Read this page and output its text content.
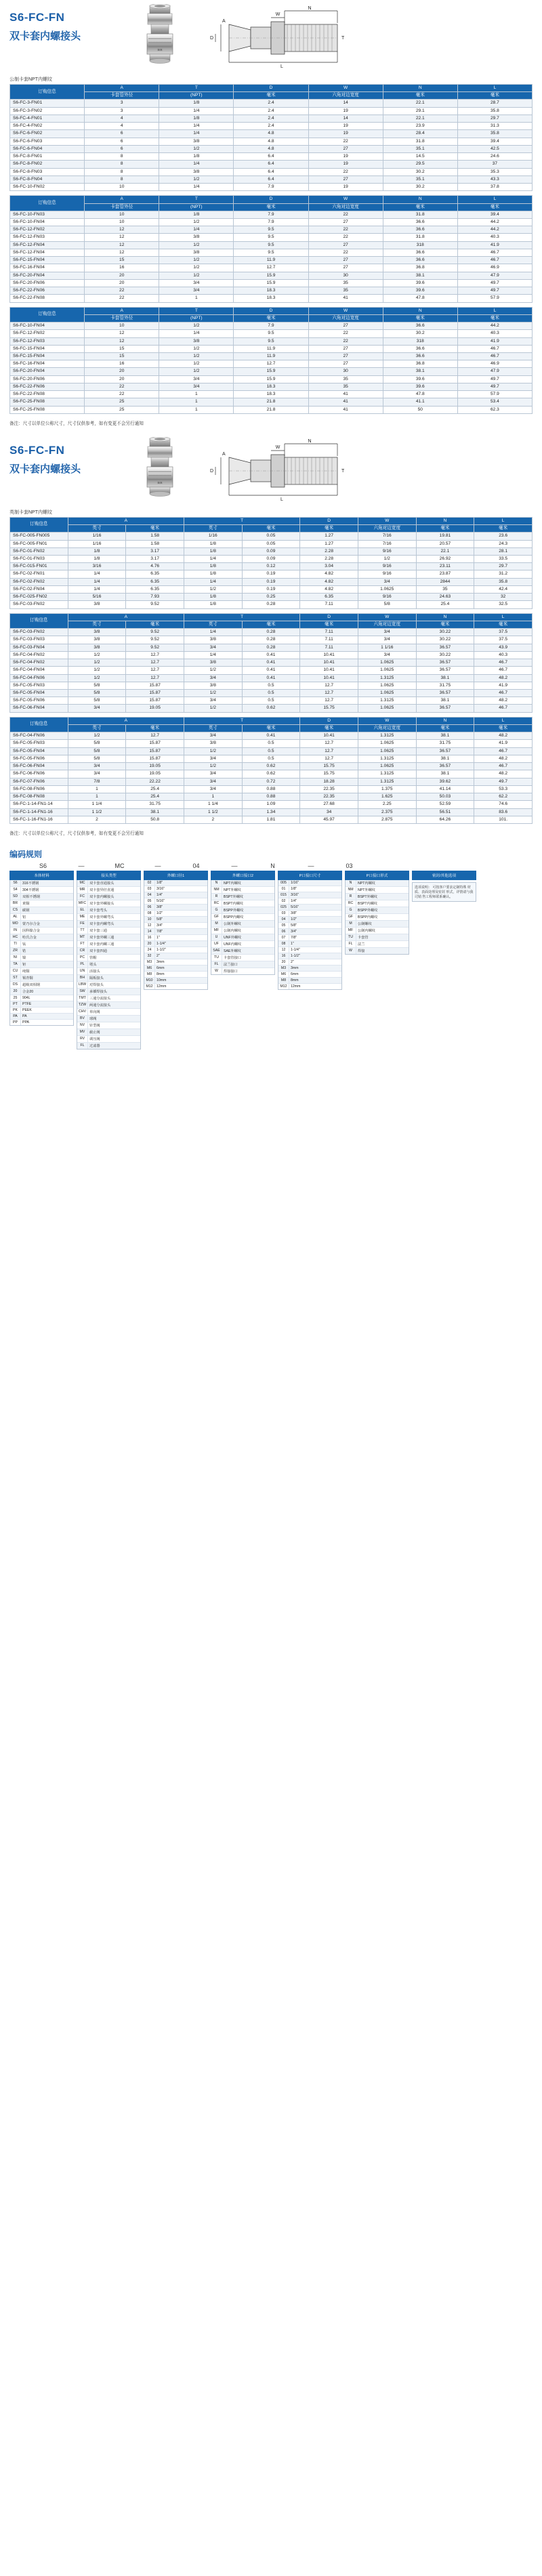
S6-FC-FN
双卡套内螺接头
SIX
N
W
T
A
D
L
公制卡套NPT内螺纹
订购信息	A	T	D	W	N	L
	卡套管外径	(NPT)	毫米	六角对边宽度	毫米	毫米
S6-FC-3-FN01	3	1/8	2.4	14	22.1	28.7
S6-FC-3-FN02	3	1/4	2.4	19	29.1	35.8
S6-FC-4-FN01	4	1/8	2.4	14	22.1	29.7
S6-FC-4-FN02	4	1/4	2.4	19	23.9	31.3
S6-FC-6-FN02	6	1/4	4.8	19	28.4	35.8
S6-FC-6-FN03	6	3/8	4.8	22	31.8	39.4
S6-FC-6-FN04	6	1/2	4.8	27	35.1	42.5
S6-FC-8-FN01	8	1/8	6.4	19	14.5	24.6
S6-FC-8-FN02	8	1/4	6.4	19	29.5	37
S6-FC-8-FN03	8	3/8	6.4	22	30.2	35.3
S6-FC-8-FN04	8	1/2	6.4	27	35.1	43.3
S6-FC-10-FN02	10	1/4	7.9	19	30.2	37.8
订购信息	A	T	D	W	N	L
	卡套管外径	(NPT)	毫米	六角对边宽度	毫米	毫米
S6-FC-10-FN03	10	1/8	7.9	22	31.8	39.4
S6-FC-10-FN04	10	1/2	7.9	27	36.6	44.2
S6-FC-12-FN02	12	1/4	9.5	22	36.6	44.2
S6-FC-12-FN03	12	3/8	9.5	22	31.8	40.3
S6-FC-12-FN04	12	1/2	9.5	27	318	41.9
S6-FC-12-FN04	12	3/8	9.5	22	36.6	46.7
S6-FC-15-FN04	15	1/2	11.9	27	36.6	46.7
S6-FC-16-FN04	16	1/2	12.7	27	36.8	46.9
S6-FC-20-FN04	20	1/2	15.9	30	38.1	47.9
S6-FC-20-FN06	20	3/4	15.9	35	39.6	49.7
S6-FC-22-FN06	22	3/4	18.3	35	39.6	49.7
S6-FC-22-FN08	22	1	18.3	41	47.8	57.9
订购信息	A	T	D	W	N	L
	卡套管外径	(NPT)	毫米	六角对边宽度	毫米	毫米
S6-FC-10-FN04	10	1/2	7.9	27	36.6	44.2
S6-FC-12-FN02	12	1/4	9.5	22	30.2	40.3
S6-FC-12-FN03	12	3/8	9.5	22	318	41.9
S6-FC-15-FN04	15	1/2	11.9	27	36.6	46.7
S6-FC-15-FN04	15	1/2	11.9	27	36.6	46.7
S6-FC-16-FN04	16	1/2	12.7	27	36.8	46.9
S6-FC-20-FN04	20	1/2	15.9	30	38.1	47.9
S6-FC-20-FN06	20	3/4	15.9	35	39.6	49.7
S6-FC-22-FN06	22	3/4	18.3	35	39.6	49.7
S6-FC-22-FN08	22	1	18.3	41	47.8	57.9
S6-FC-25-FN08	25	1	21.8	41	41.1	53.4
S6-FC-25-FN08	25	1	21.8	41	50	62.3
备注：尺寸以单位公称尺寸，尺寸仅供参考，如有变更不会另行通知
S6-FC-FN
双卡套内螺接头
SIX
N
W
T
A
D
L
英制卡套NPT内螺纹
订购信息	A		T		D	W	N	L
	英寸	毫米	英寸	毫米	毫米	六角对边宽度	毫米	毫米
S6-FC-005-FN005	1/16	1.58	1/16	0.05	1.27	7/16	19.81	23.6
S6-FC-005-FN01	1/16	1.58	1/8	0.05	1.27	7/16	20.57	24.3
S6-FC-01-FN02	1/8	3.17	1/8	0.09	2.28	9/16	22.1	28.1
S6-FC-01-FN03	1/8	3.17	1/4	0.09	2.28	1/2	26.92	33.5
S6-FC-015-FN01	3/16	4.76	1/8	0.12	3.04	9/16	23.11	29.7
S6-FC-02-FN01	1/4	6.35	1/8	0.19	4.82	9/16	23.87	31.2
S6-FC-02-FN02	1/4	6.35	1/4	0.19	4.82	3/4	2844	35.8
S6-FC-02-FN04	1/4	6.35	1/2	0.19	4.82	1.0625	35	42.4
S6-FC-025-FN02	5/16	7.93	1/8	0.25	6.35	9/16	24.63	32
S6-FC-03-FN02	3/8	9.52	1/8	0.28	7.11	5/8	25.4	32.5
订购信息	A		T		D	W	N	L
	英寸	毫米	英寸	毫米	毫米	六角对边宽度	毫米	毫米
S6-FC-03-FN02	3/8	9.52	1/4	0.28	7.11	3/4	30.22	37.5
S6-FC-03-FN03	3/8	9.52	3/8	0.28	7.11	3/4	30.22	37.5
S6-FC-03-FN04	3/8	9.52	3/4	0.28	7.11	1 1/16	36.57	43.9
S6-FC-04-FN02	1/2	12.7	1/4	0.41	10.41	3/4	30.22	40.3
S6-FC-04-FN02	1/2	12.7	3/8	0.41	10.41	1.0625	36.57	46.7
S6-FC-04-FN04	1/2	12.7	1/2	0.41	10.41	1.0625	36.57	46.7
S6-FC-04-FN06	1/2	12.7	3/4	0.41	10.41	1.3125	38.1	48.2
S6-FC-05-FN03	5/8	15.87	3/8	0.5	12.7	1.0625	31.75	41.9
S6-FC-05-FN04	5/8	15.87	1/2	0.5	12.7	1.0625	36.57	46.7
S6-FC-05-FN06	5/8	15.87	3/4	0.5	12.7	1.3125	38.1	48.2
S6-FC-06-FN04	3/4	19.05	1/2	0.62	15.75	1.0625	36.57	46.7
订购信息	A		T		D	W	N	L
	英寸	毫米	英寸	毫米	毫米	六角对边宽度	毫米	毫米
S6-FC-04-FN06	1/2	12.7	3/4	0.41	10.41	1.3125	38.1	48.2
S6-FC-05-FN03	5/8	15.87	3/8	0.5	12.7	1.0625	31.75	41.9
S6-FC-05-FN04	5/8	15.87	1/2	0.5	12.7	1.0625	36.57	46.7
S6-FC-05-FN06	5/8	15.87	3/4	0.5	12.7	1.3125	38.1	48.2
S6-FC-06-FN04	3/4	19.05	1/2	0.62	15.75	1.0625	36.57	46.7
S6-FC-06-FN06	3/4	19.05	3/4	0.62	15.75	1.3125	38.1	48.2
S6-FC-07-FN06	7/8	22.22	3/4	0.72	18.28	1.3125	39.62	49.7
S6-FC-08-FN06	1	25.4	3/4	0.88	22.35	1.375	41.14	53.3
S6-FC-08-FN08	1	25.4	1	0.88	22.35	1.625	50.03	62.2
S6-FC-1-14-FN1-14	1 1/4	31.75	1 1/4	1.09	27.68	2.25	52.59	74.6
S6-FC-1-14-FN1-16	1 1/2	38.1	1 1/2	1.34	34	2.375	56.51	83.6
S6-FC-1-16-FN1-16	2	50.8	2	1.81	45.97	2.875	64.26	101.
备注：尺寸以单位公称尺寸，尺寸仅供参考，如有变更不会另行通知
编码规则
S6	—	MC	—	04	—	N	—	03
本体材料
S6	316不锈钢
S4	304不锈钢
SD	双相不锈钢
BR	黄铜
CS	碳钢
AL	铝
MO	蒙乃尔合金
IN	因科镍合金
HC	哈氏合金
TI	钛
ZR	锆
NI	镍
TA	钽
CU	纯铜
ST	锡青铜
DS	超级双相钢
20	合金20
25	904L
PT	PTFE
PK	PEEK
PA	PA
PP	PPA
接头类型
MC	双卡套直通接头
MR	双卡套异径直通
FC	双卡套内螺接头
MFC 双卡套外螺接头
EL	双卡套弯头
ME	双卡套外螺弯头
FE	双卡套内螺弯头
TT	双卡套三通
MT	双卡套外螺三通
FT	双卡套内螺三通
CR	双卡套四通
PC	管帽
PL	堵头
UN	活接头
BH	隔板接头
LBW 对焊接头
SW	承插焊接头
TMT 三通分流接头
TZW 两通分流接头
CHV 单向阀
BV	球阀
NV	针型阀
MV	截止阀
RV	调压阀
FL	过滤器
外螺口径1
02	1/8"
03	3/16"
04	1/4"
05	5/16"
06	3/8"
08	1/2"
10	5/8"
12	3/4"
14	7/8"
16	1"
20	1-1/4"
24	1-1/2"
32	2"
M3	3mm
M6	6mm
M8	8mm
M10	10mm
M12	12mm
外螺口接口2
N	NPT内螺纹
NM	NPT外螺纹
R	BSPT外螺纹
RC	BSPT内螺纹
G	BSPP外螺纹
GF	BSPP内螺纹
M	公制外螺纹
MF	公制内螺纹
U	UNF外螺纹
UF	UNF内螺纹
SAE	SAE外螺纹
TU	卡套管接口
FL	法兰接口
W	焊接接口
P口接口尺寸
005	1/16"
01	1/8"
015	3/16"
02	1/4"
025	5/16"
03	3/8"
04	1/2"
05	5/8"
06	3/4"
07	7/8"
08	1"
12	1-1/4"
16	1-1/2"
20	2"
M3	3mm
M6	6mm
M8	8mm
M12	12mm
P口接口形式
N	NPT内螺纹
NM	NPT外螺纹
R	BSPT外螺纹
RC	BSPT内螺纹
G	BSPP外螺纹
GF	BSPP内螺纹
M	公制螺纹
MF	公制内螺纹
TU	卡套管
FL	法兰
W	焊接
密封/其他选项
选项说明： 可按客户要求定制特殊 材质、表面处理及密封 形式，详情请与我司销 售工程师联系确认。
